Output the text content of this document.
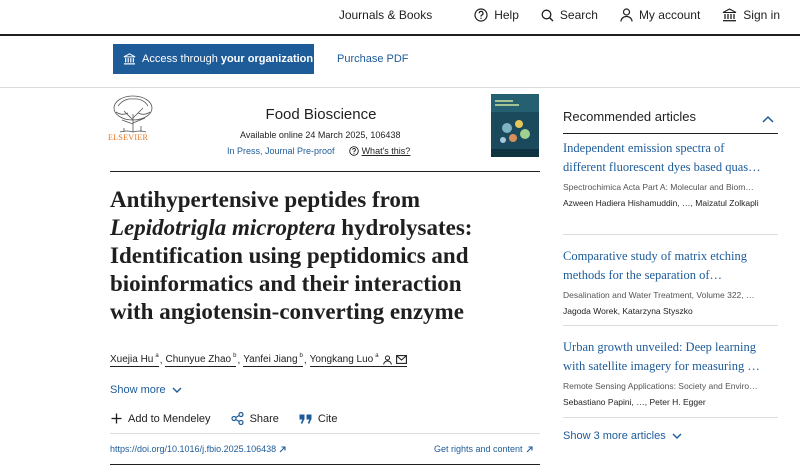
Journals & Books	Help	Search	My account	Sign in
Access through your organization Purchase PDF
ELSEVIER
Food Bioscience
Available online 24 March 2025, 106438
In Press, Journal Pre-proof	What's this?
Antihypertensive peptides from
Lepidotrigla microptera hydrolysates:
Identification using peptidomics and
bioinformatics and their interaction
with angiotensin-converting enzyme
Xuejia Hu $^a$ , Chunyue Zhao $^b$ , Yanfei Jiang $^b$ , Yongkang Luo $^a$
Show more
Add to Mendeley	Share	Cite
https://doi.org/10.1016/j.fbio.2025.106438	Get rights and content
Recommended articles
Independent emission spectra of
different fluorescent dyes based quas…
Spectrochimica Acta Part A: Molecular and Biom…
Azween Hadiera Hishamuddin, …, Maizatul Zolkapli
Comparative study of matrix etching
methods for the separation of…
Desalination and Water Treatment, Volume 322, …
Jagoda Worek, Katarzyna Styszko
Urban growth unveiled: Deep learning
with satellite imagery for measuring …
Remote Sensing Applications: Society and Enviro…
Sebastiano Papini, …, Peter H. Egger
Show 3 more articles
